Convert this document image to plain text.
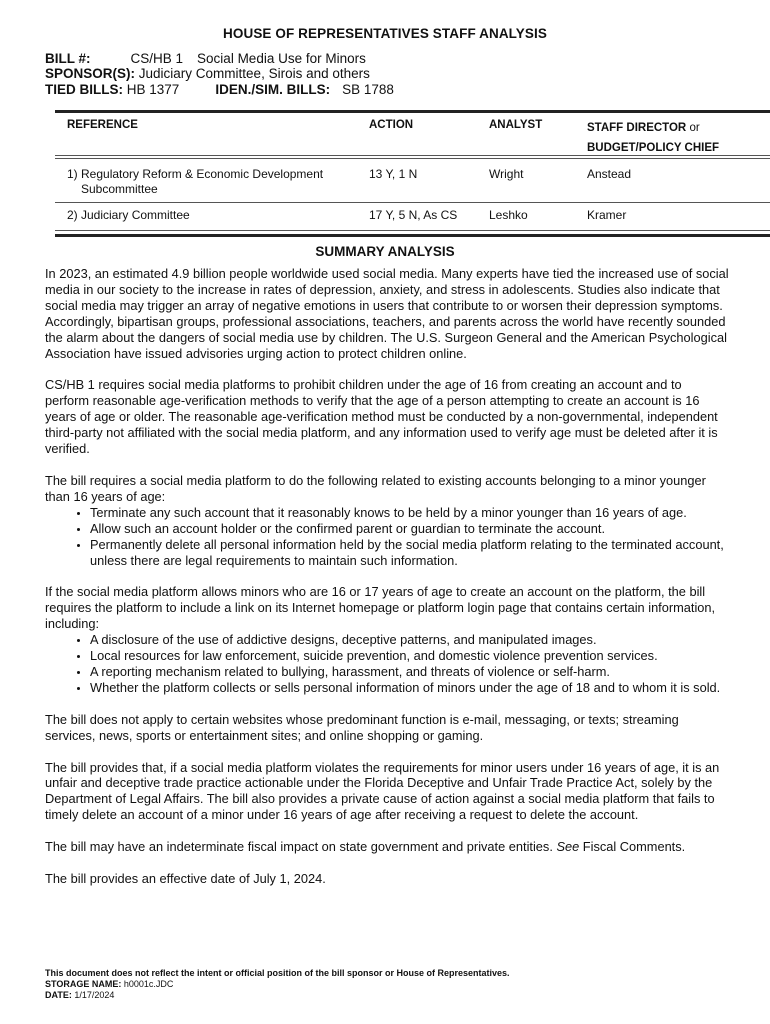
HOUSE OF REPRESENTATIVES STAFF ANALYSIS
BILL #:	CS/HB 1 Social Media Use for Minors
SPONSOR(S): Judiciary Committee, Sirois and others
TIED BILLS: HB 1377	IDEN./SIM. BILLS: SB 1788
REFERENCE	ACTION	ANALYST	STAFF DIRECTOR or
BUDGET/POLICY CHIEF
1) Regulatory Reform & Economic Development
Subcommittee
13 Y, 1 N	Wright	Anstead
2) Judiciary Committee	17 Y, 5 N, As CS	Leshko	Kramer
SUMMARY ANALYSIS

In 2023, an estimated 4.9 billion people worldwide used social media. Many experts have tied the increased use of social media in our society to the increase in rates of depression, anxiety, and stress in adolescents. Studies also indicate that social media may trigger an array of negative emotions in users that contribute to or worsen their depression symptoms. Accordingly, bipartisan groups, professional associations, teachers, and parents across the world have recently sounded the alarm about the dangers of social media use by children. The U.S. Surgeon General and the American Psychological Association have issued advisories urging action to protect children online.

CS/HB 1 requires social media platforms to prohibit children under the age of 16 from creating an account and to perform reasonable age-verification methods to verify that the age of a person attempting to create an account is 16 years of age or older. The reasonable age-verification method must be conducted by a non-governmental, independent third-party not affiliated with the social media platform, and any information used to verify age must be deleted after it is verified.

The bill requires a social media platform to do the following related to existing accounts belonging to a minor younger than 16 years of age:

• Terminate any such account that it reasonably knows to be held by a minor younger than 16 years of age.
• Allow such an account holder or the confirmed parent or guardian to terminate the account.
• Permanently delete all personal information held by the social media platform relating to the terminated account, unless there are legal requirements to maintain such information.

If the social media platform allows minors who are 16 or 17 years of age to create an account on the platform, the bill requires the platform to include a link on its Internet homepage or platform login page that contains certain information, including:

• A disclosure of the use of addictive designs, deceptive patterns, and manipulated images.
• Local resources for law enforcement, suicide prevention, and domestic violence prevention services.
• A reporting mechanism related to bullying, harassment, and threats of violence or self-harm.
• Whether the platform collects or sells personal information of minors under the age of 18 and to whom it is sold.

The bill does not apply to certain websites whose predominant function is e-mail, messaging, or texts; streaming services, news, sports or entertainment sites; and online shopping or gaming.

The bill provides that, if a social media platform violates the requirements for minor users under 16 years of age, it is an unfair and deceptive trade practice actionable under the Florida Deceptive and Unfair Trade Practice Act, solely by the Department of Legal Affairs. The bill also provides a private cause of action against a social media platform that fails to timely delete an account of a minor under 16 years of age after receiving a request to delete the account.

The bill may have an indeterminate fiscal impact on state government and private entities. See Fiscal Comments.

The bill provides an effective date of July 1, 2024.

This document does not reflect the intent or official position of the bill sponsor or House of Representatives.
STORAGE NAME: h0001c.JDC
DATE: 1/17/2024
